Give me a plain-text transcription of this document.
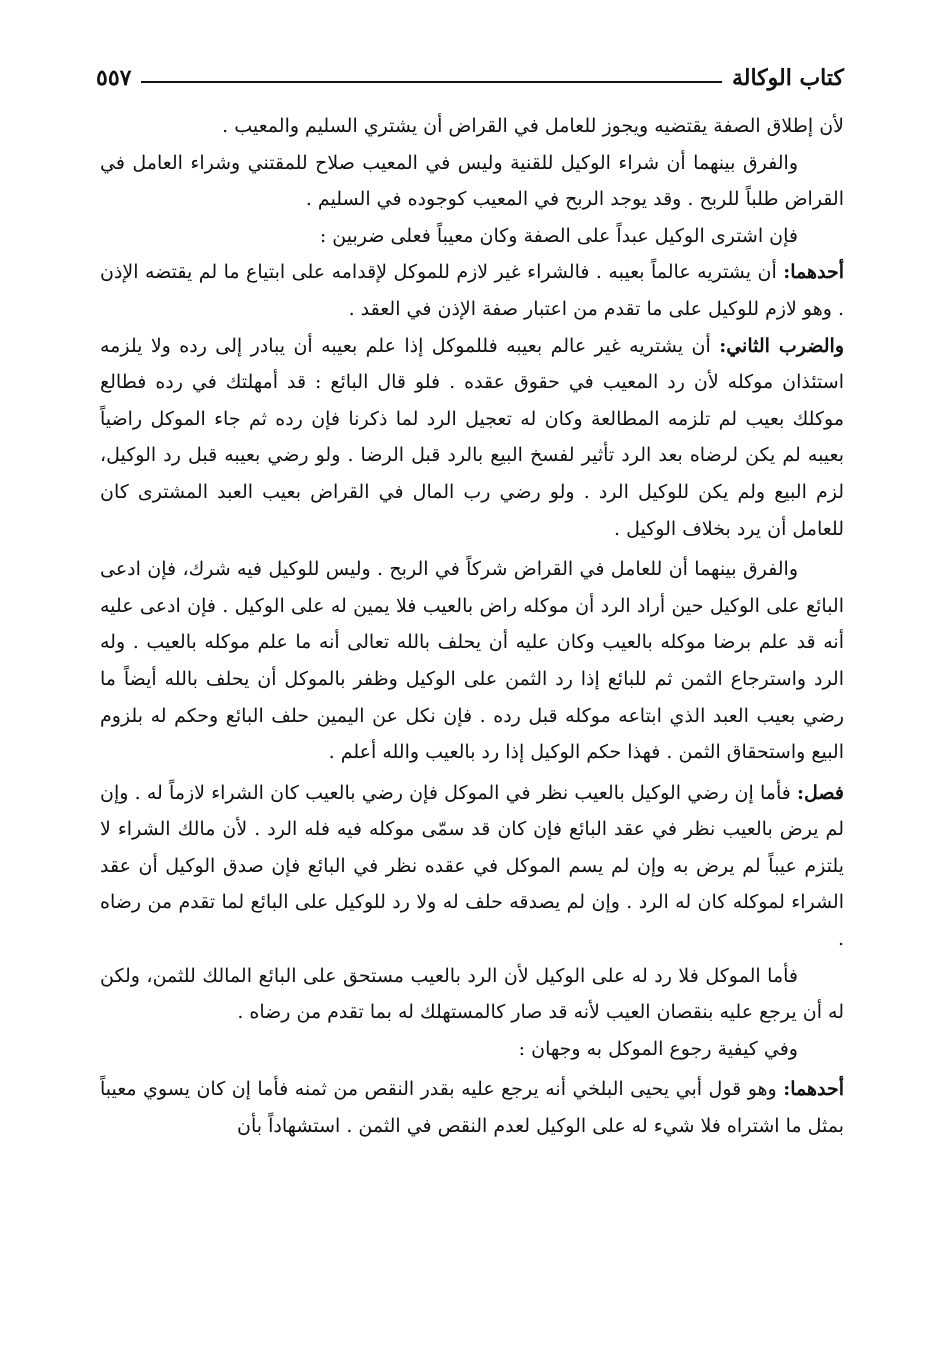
كتاب الوكالة
٥٥٧

لأن إطلاق الصفة يقتضيه ويجوز للعامل في القراض أن يشتري السليم والمعيب .

والفرق بينهما أن شراء الوكيل للقنية وليس في المعيب صلاح للمقتني وشراء العامل في القراض طلباً للربح . وقد يوجد الربح في المعيب كوجوده في السليم .

فإن اشترى الوكيل عبداً على الصفة وكان معيباً فعلى ضربين :

أحدهما: أن يشتريه عالماً بعيبه . فالشراء غير لازم للموكل لإقدامه على ابتياع ما لم يقتضه الإذن . وهو لازم للوكيل على ما تقدم من اعتبار صفة الإذن في العقد .

والضرب الثاني: أن يشتريه غير عالم بعيبه فللموكل إذا علم بعيبه أن يبادر إلى رده ولا يلزمه استئذان موكله لأن رد المعيب في حقوق عقده . فلو قال البائع : قد أمهلتك في رده فطالع موكلك بعيب لم تلزمه المطالعة وكان له تعجيل الرد لما ذكرنا فإن رده ثم جاء الموكل راضياً بعيبه لم يكن لرضاه بعد الرد تأثير لفسخ البيع بالرد قبل الرضا . ولو رضي بعيبه قبل رد الوكيل، لزم البيع ولم يكن للوكيل الرد . ولو رضي رب المال في القراض بعيب العبد المشترى كان للعامل أن يرد بخلاف الوكيل .

والفرق بينهما أن للعامل في القراض شركاً في الربح . وليس للوكيل فيه شرك، فإن ادعى البائع على الوكيل حين أراد الرد أن موكله راض بالعيب فلا يمين له على الوكيل . فإن ادعى عليه أنه قد علم برضا موكله بالعيب وكان عليه أن يحلف بالله تعالى أنه ما علم موكله بالعيب . وله الرد واسترجاع الثمن ثم للبائع إذا رد الثمن على الوكيل وظفر بالموكل أن يحلف بالله أيضاً ما رضي بعيب العبد الذي ابتاعه موكله قبل رده . فإن نكل عن اليمين حلف البائع وحكم له بلزوم البيع واستحقاق الثمن . فهذا حكم الوكيل إذا رد بالعيب والله أعلم .

فصل: فأما إن رضي الوكيل بالعيب نظر في الموكل فإن رضي بالعيب كان الشراء لازماً له . وإن لم يرض بالعيب نظر في عقد البائع فإن كان قد سمّى موكله فيه فله الرد . لأن مالك الشراء لا يلتزم عيباً لم يرض به وإن لم يسم الموكل في عقده نظر في البائع فإن صدق الوكيل أن عقد الشراء لموكله كان له الرد . وإن لم يصدقه حلف له ولا رد للوكيل على البائع لما تقدم من رضاه .

فأما الموكل فلا رد له على الوكيل لأن الرد بالعيب مستحق على البائع المالك للثمن، ولكن له أن يرجع عليه بنقصان العيب لأنه قد صار كالمستهلك له بما تقدم من رضاه .

وفي كيفية رجوع الموكل به وجهان :

أحدهما: وهو قول أبي يحيى البلخي أنه يرجع عليه بقدر النقص من ثمنه فأما إن كان يسوي معيباً بمثل ما اشتراه فلا شيء له على الوكيل لعدم النقص في الثمن . استشهاداً بأن
